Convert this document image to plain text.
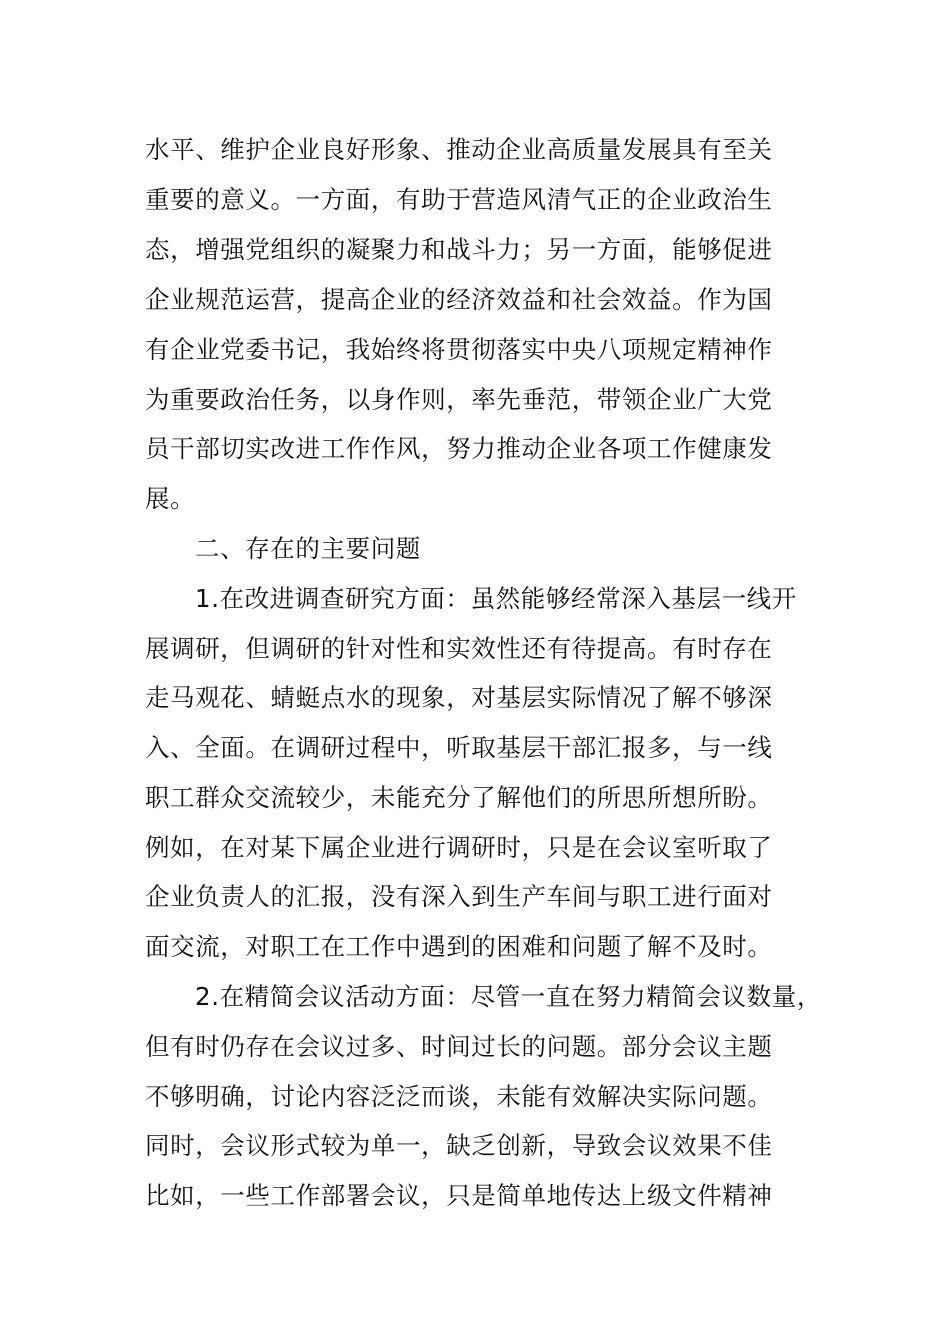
水平、维护企业良好形象、推动企业高质量发展具有至关
重要的意义。一方面，有助于营造风清气正的企业政治生
态，增强党组织的凝聚力和战斗力；另一方面，能够促进
企业规范运营，提高企业的经济效益和社会效益。作为国
有企业党委书记，我始终将贯彻落实中央八项规定精神作
为重要政治任务，以身作则，率先垂范，带领企业广大党
员干部切实改进工作作风，努力推动企业各项工作健康发
展。
二、存在的主要问题
1.在改进调查研究方面：虽然能够经常深入基层一线开
展调研，但调研的针对性和实效性还有待提高。有时存在
走马观花、蜻蜓点水的现象，对基层实际情况了解不够深
入、全面。在调研过程中，听取基层干部汇报多，与一线
职工群众交流较少，未能充分了解他们的所思所想所盼。
例如，在对某下属企业进行调研时，只是在会议室听取了
企业负责人的汇报，没有深入到生产车间与职工进行面对
面交流，对职工在工作中遇到的困难和问题了解不及时。
2.在精简会议活动方面：尽管一直在努力精简会议数量，
但有时仍存在会议过多、时间过长的问题。部分会议主题
不够明确，讨论内容泛泛而谈，未能有效解决实际问题。
同时，会议形式较为单一，缺乏创新，导致会议效果不佳
比如，一些工作部署会议，只是简单地传达上级文件精神
